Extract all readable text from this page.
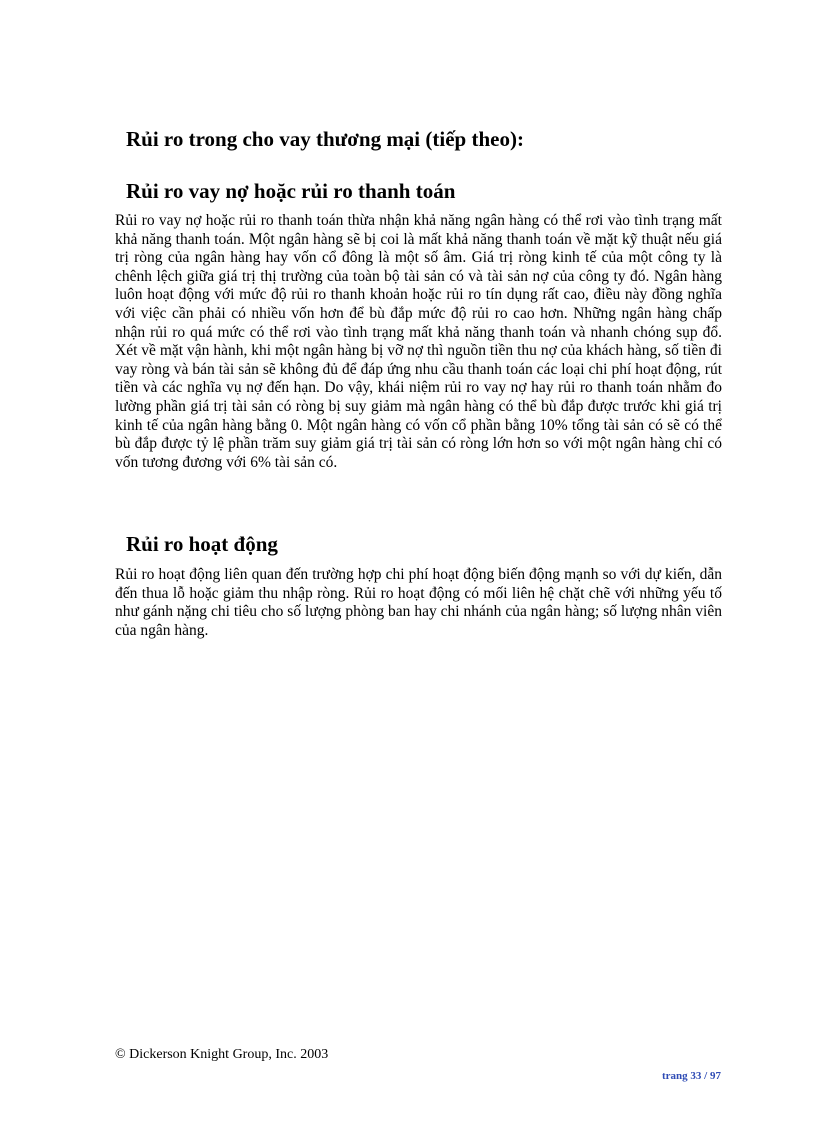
Rủi ro trong cho vay thương mại (tiếp theo):
Rủi ro vay nợ hoặc rủi ro thanh toán

Rủi ro vay nợ hoặc rủi ro thanh toán thừa nhận khả năng ngân hàng có thể rơi vào tình trạng mất khả năng thanh toán. Một ngân hàng sẽ bị coi là mất khả năng thanh toán về mặt kỹ thuật nếu giá trị ròng của ngân hàng hay vốn cổ đông là một số âm. Giá trị ròng kinh tế của một công ty là chênh lệch giữa giá trị thị trường của toàn bộ tài sản có và tài sản nợ của công ty đó. Ngân hàng luôn hoạt động với mức độ rủi ro thanh khoản hoặc rủi ro tín dụng rất cao, điều này đồng nghĩa với việc cần phải có nhiều vốn hơn để bù đắp mức độ rủi ro cao hơn. Những ngân hàng chấp nhận rủi ro quá mức có thể rơi vào tình trạng mất khả năng thanh toán và nhanh chóng sụp đổ. Xét về mặt vận hành, khi một ngân hàng bị vỡ nợ thì nguồn tiền thu nợ của khách hàng, số tiền đi vay ròng và bán tài sản sẽ không đủ để đáp ứng nhu cầu thanh toán các loại chi phí hoạt động, rút tiền và các nghĩa vụ nợ đến hạn. Do vậy, khái niệm rủi ro vay nợ hay rủi ro thanh toán nhằm đo lường phần giá trị tài sản có ròng bị suy giảm mà ngân hàng có thể bù đắp được trước khi giá trị kinh tế của ngân hàng bằng 0. Một ngân hàng có vốn cổ phần bằng 10% tổng tài sản có sẽ có thể bù đắp được tỷ lệ phần trăm suy giảm giá trị tài sản có ròng lớn hơn so với một ngân hàng chỉ có vốn tương đương với 6% tài sản có.

Rủi ro hoạt động

Rủi ro hoạt động liên quan đến trường hợp chi phí hoạt động biến động mạnh so với dự kiến, dẫn đến thua lỗ hoặc giảm thu nhập ròng. Rủi ro hoạt động có mối liên hệ chặt chẽ với những yếu tố như gánh nặng chi tiêu cho số lượng phòng ban hay chi nhánh của ngân hàng; số lượng nhân viên của ngân hàng.

© Dickerson Knight Group, Inc. 2003

trang 33 / 97
